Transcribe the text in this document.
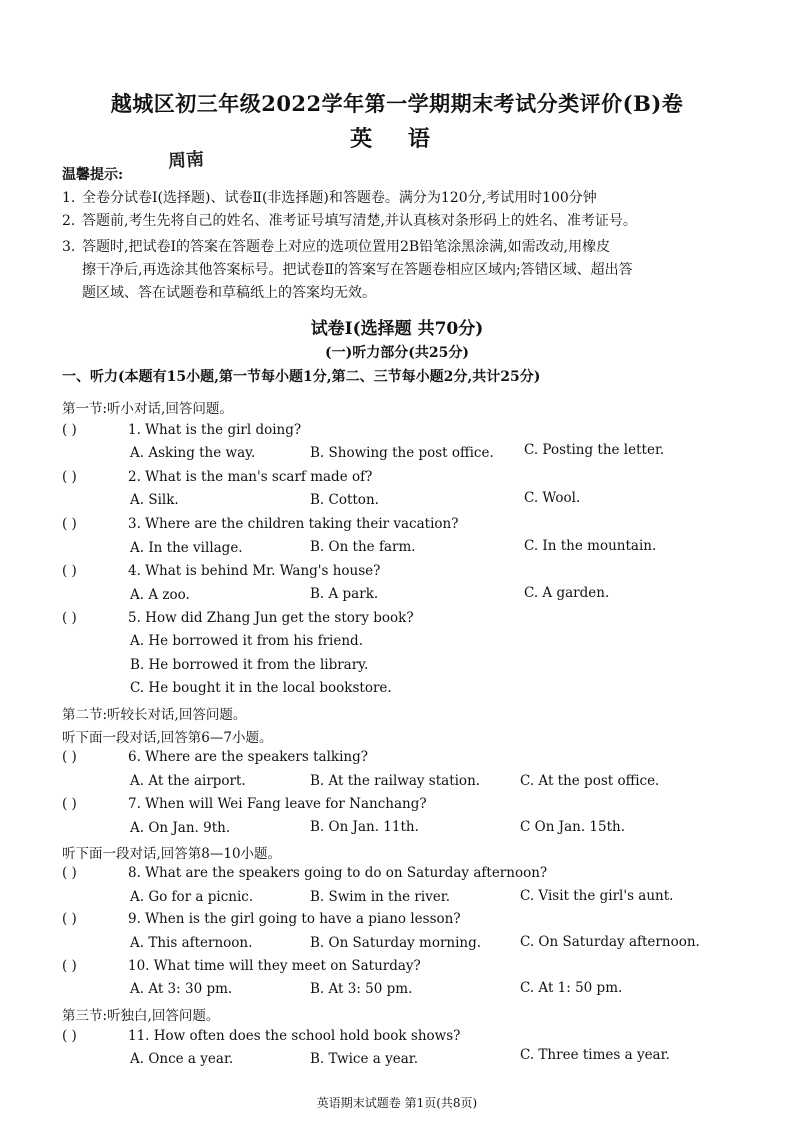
越城区初三年级2022学年第一学期期末考试分类评价(B)卷
英 语
周南
温馨提示:
1. 全卷分试卷Ⅰ(选择题)、试卷Ⅱ(非选择题)和答题卷。满分为120分,考试用时100分钟
2. 答题前,考生先将自己的姓名、准考证号填写清楚,并认真核对条形码上的姓名、准考证号。
3. 答题时,把试卷Ⅰ的答案在答题卷上对应的选项位置用2B铅笔涂黑涂满,如需改动,用橡皮
擦干净后,再选涂其他答案标号。把试卷Ⅱ的答案写在答题卷相应区域内;答错区域、超出答
题区域、答在试题卷和草稿纸上的答案均无效。
试卷Ⅰ(选择题 共70分)
(一)听力部分(共25分)
一、听力(本题有15小题,第一节每小题1分,第二、三节每小题2分,共计25分)
第一节:听小对话,回答问题。
( )	1. What is the girl doing?
A. Asking the way.	B. Showing the post office. C. Posting the letter.
( )	2. What is the man's scarf made of?
A. Silk.	B. Cotton.	C. Wool.
( )	3. Where are the children taking their vacation?
A. In the village.	B. On the farm.	C. In the mountain.
( )	4. What is behind Mr. Wang's house?
A. A zoo.	B. A park.	C. A garden.
( )	5. How did Zhang Jun get the story book?
A. He borrowed it from his friend.
B. He borrowed it from the library.
C. He bought it in the local bookstore.
第二节:听较长对话,回答问题。
听下面一段对话,回答第6—7小题。
( )	6. Where are the speakers talking?
A. At the airport.	B. At the railway station.	C. At the post office.
( )	7. When will Wei Fang leave for Nanchang?
A. On Jan. 9th.	B. On Jan. 11th.	C On Jan. 15th.
听下面一段对话,回答第8—10小题。
( )	8. What are the speakers going to do on Saturday afternoon?
A. Go for a picnic.	B. Swim in the river.	C. Visit the girl's aunt.
( )	9. When is the girl going to have a piano lesson?
A. This afternoon.	B. On Saturday morning.	C. On Saturday afternoon.
( )	10. What time will they meet on Saturday?
A. At 3: 30 pm.	B. At 3: 50 pm.	C. At 1: 50 pm.
第三节:听独白,回答问题。
( )	11. How often does the school hold book shows?
A. Once a year.	B. Twice a year.	C. Three times a year.
英语期末试题卷 第1页(共8页)
